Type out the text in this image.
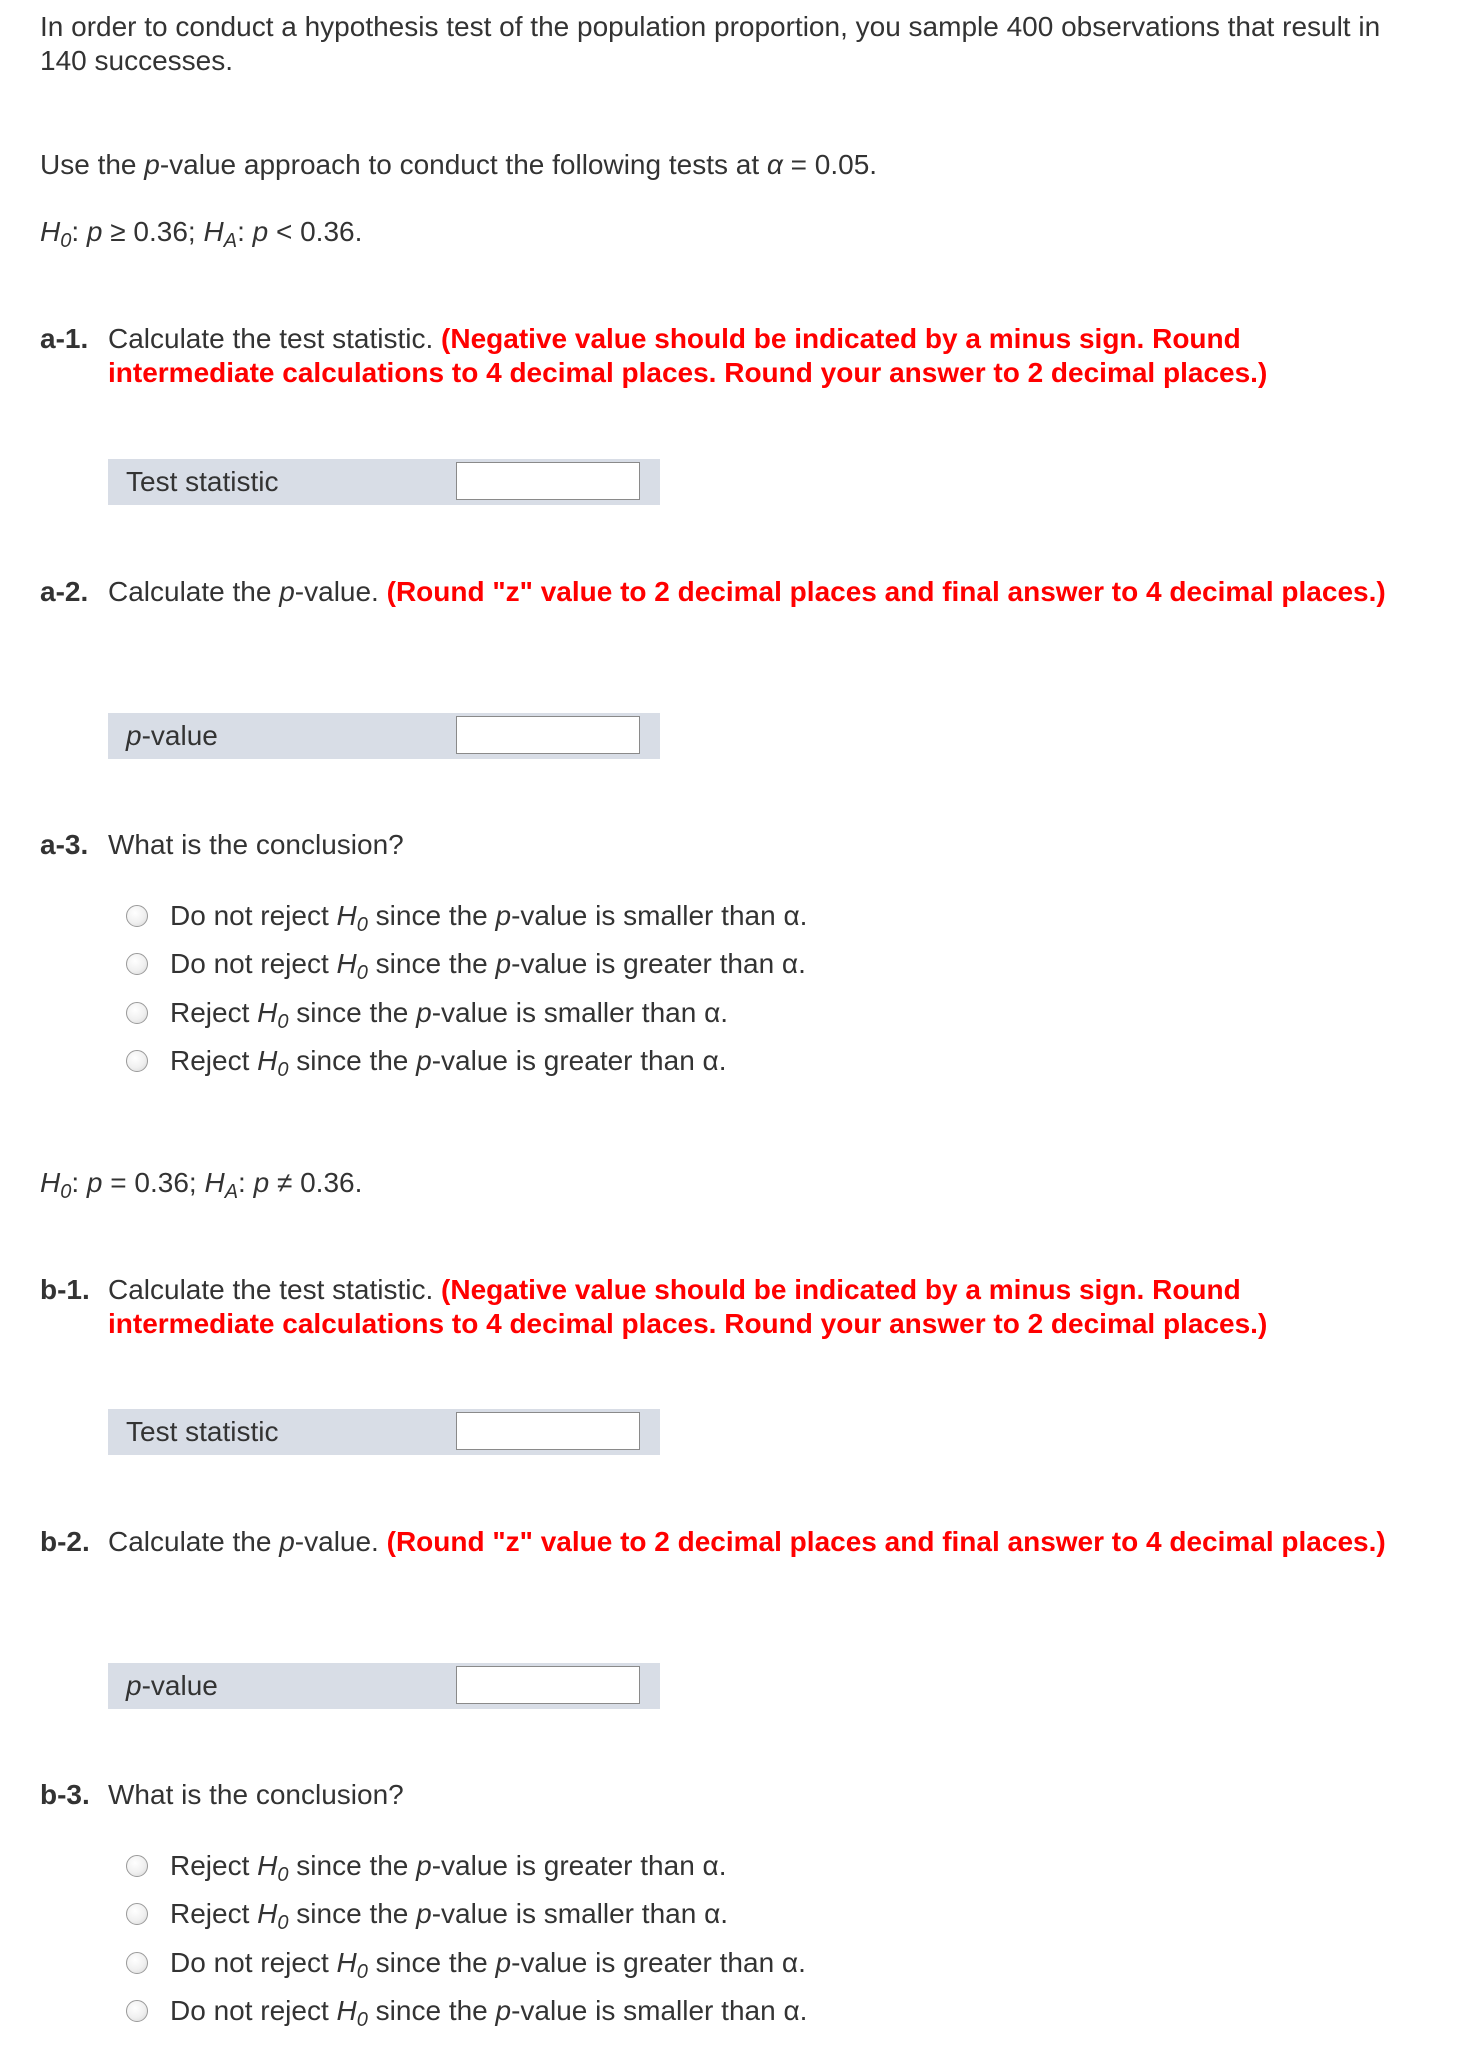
In order to conduct a hypothesis test of the population proportion, you sample 400 observations that result in 140 successes.
Use the p-value approach to conduct the following tests at α = 0.05.
$H_0$: p ≥ 0.36; $H_A$: p < 0.36.
a-1. Calculate the test statistic. (Negative value should be indicated by a minus sign. Round intermediate calculations to 4 decimal places. Round your answer to 2 decimal places.)
Test statistic
a-2. Calculate the p-value. (Round "z" value to 2 decimal places and final answer to 4 decimal places.)
p-value
a-3. What is the conclusion?
Do not reject $H_0$ since the p-value is smaller than α.
Do not reject $H_0$ since the p-value is greater than α.
Reject $H_0$ since the p-value is smaller than α.
Reject $H_0$ since the p-value is greater than α.
$H_0$: p = 0.36; $H_A$: p ≠ 0.36.
b-1. Calculate the test statistic. (Negative value should be indicated by a minus sign. Round intermediate calculations to 4 decimal places. Round your answer to 2 decimal places.)
Test statistic
b-2. Calculate the p-value. (Round "z" value to 2 decimal places and final answer to 4 decimal places.)
p-value
b-3. What is the conclusion?
Reject $H_0$ since the p-value is greater than α.
Reject $H_0$ since the p-value is smaller than α.
Do not reject $H_0$ since the p-value is greater than α.
Do not reject $H_0$ since the p-value is smaller than α.
